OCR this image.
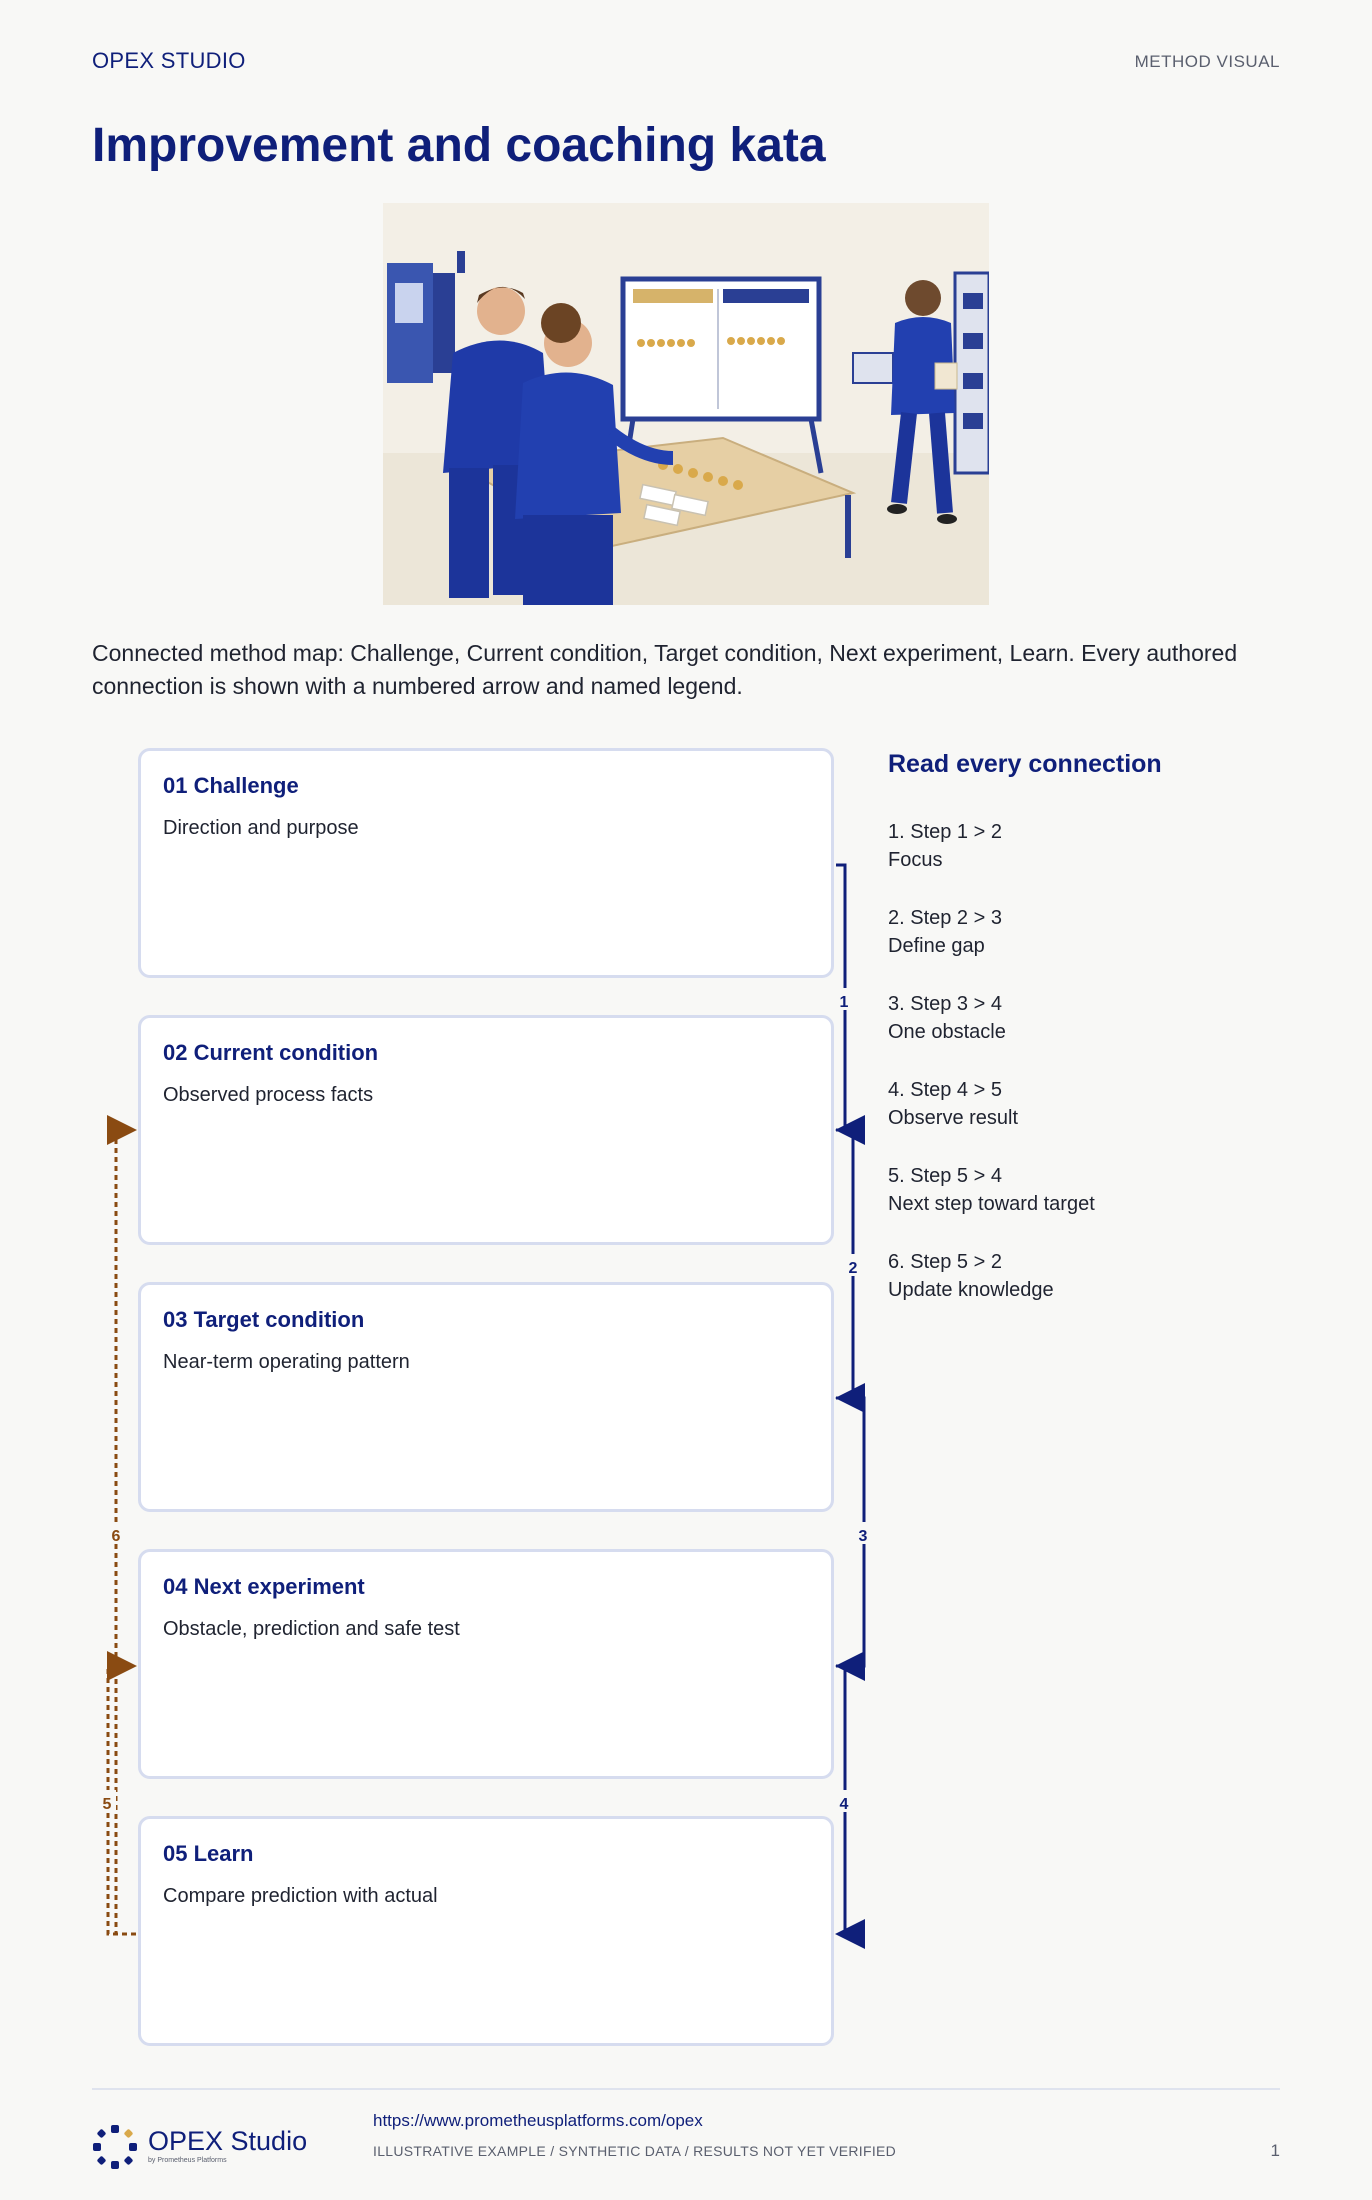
OPEX STUDIO	METHOD VISUAL
Improvement and coaching kata

Connected method map: Challenge, Current condition, Target condition, Next experiment, Learn. Every authored connection is shown with a numbered arrow and named legend.

01 Challenge
Direction and purpose
02 Current condition
Observed process facts
03 Target condition
Near-term operating pattern
04 Next experiment
Obstacle, prediction and safe test
05 Learn
Compare prediction with actual
1
2
3
4
5
6
Read every connection
1. Step 1 > 2
Focus
2. Step 2 > 3
Define gap
3. Step 3 > 4
One obstacle
4. Step 4 > 5
Observe result
5. Step 5 > 4
Next step toward target
6. Step 5 > 2
Update knowledge
OPEX Studio
by Prometheus Platforms
https://www.prometheusplatforms.com/opex
ILLUSTRATIVE EXAMPLE / SYNTHETIC DATA / RESULTS NOT YET VERIFIED	1
